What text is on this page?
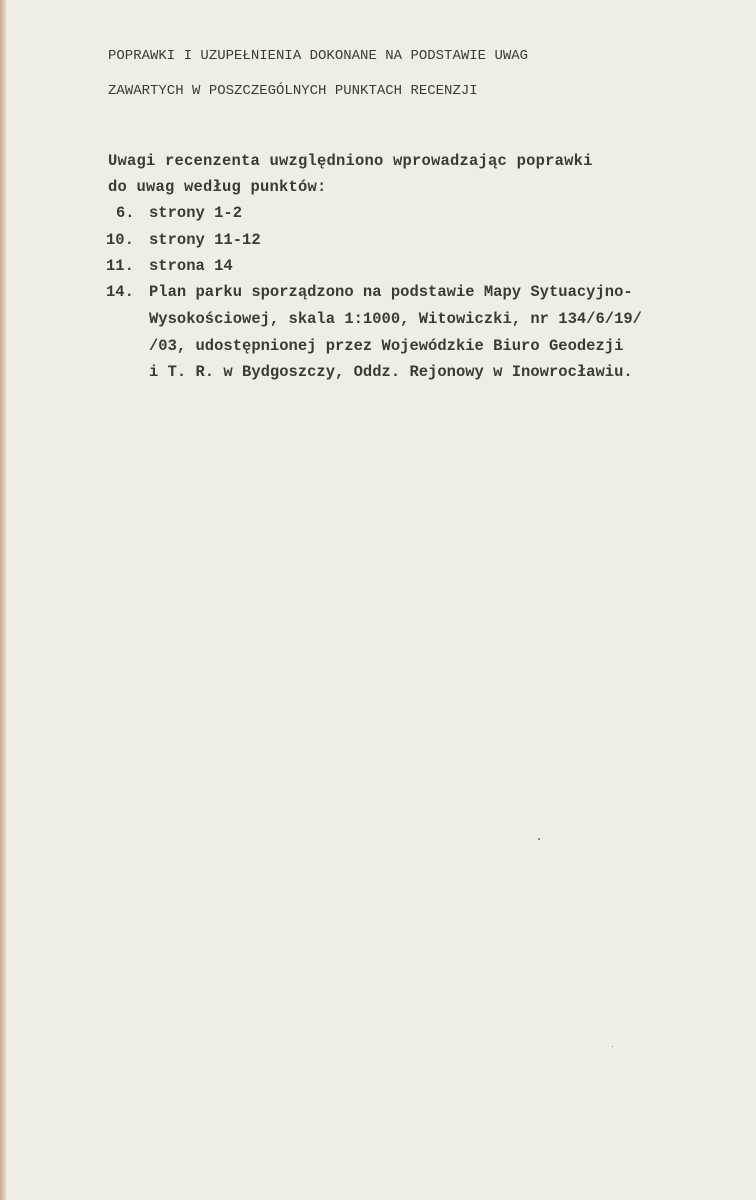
POPRAWKI I UZUPEŁNIENIA DOKONANE NA PODSTAWIE UWAG
ZAWARTYCH W POSZCZEGÓLNYCH PUNKTACH RECENZJI
Uwagi recenzenta uwzględniono wprowadzając poprawki
do uwag według punktów:
6. strony 1-2
10. strony 11-12
11. strona 14
14. Plan parku sporządzono na podstawie Mapy Sytuacyjno-
Wysokościowej, skala 1:1000, Witowiczki, nr 134/6/19/
/03, udostępnionej przez Wojewódzkie Biuro Geodezji
i T. R. w Bydgoszczy, Oddz. Rejonowy w Inowrocławiu.
